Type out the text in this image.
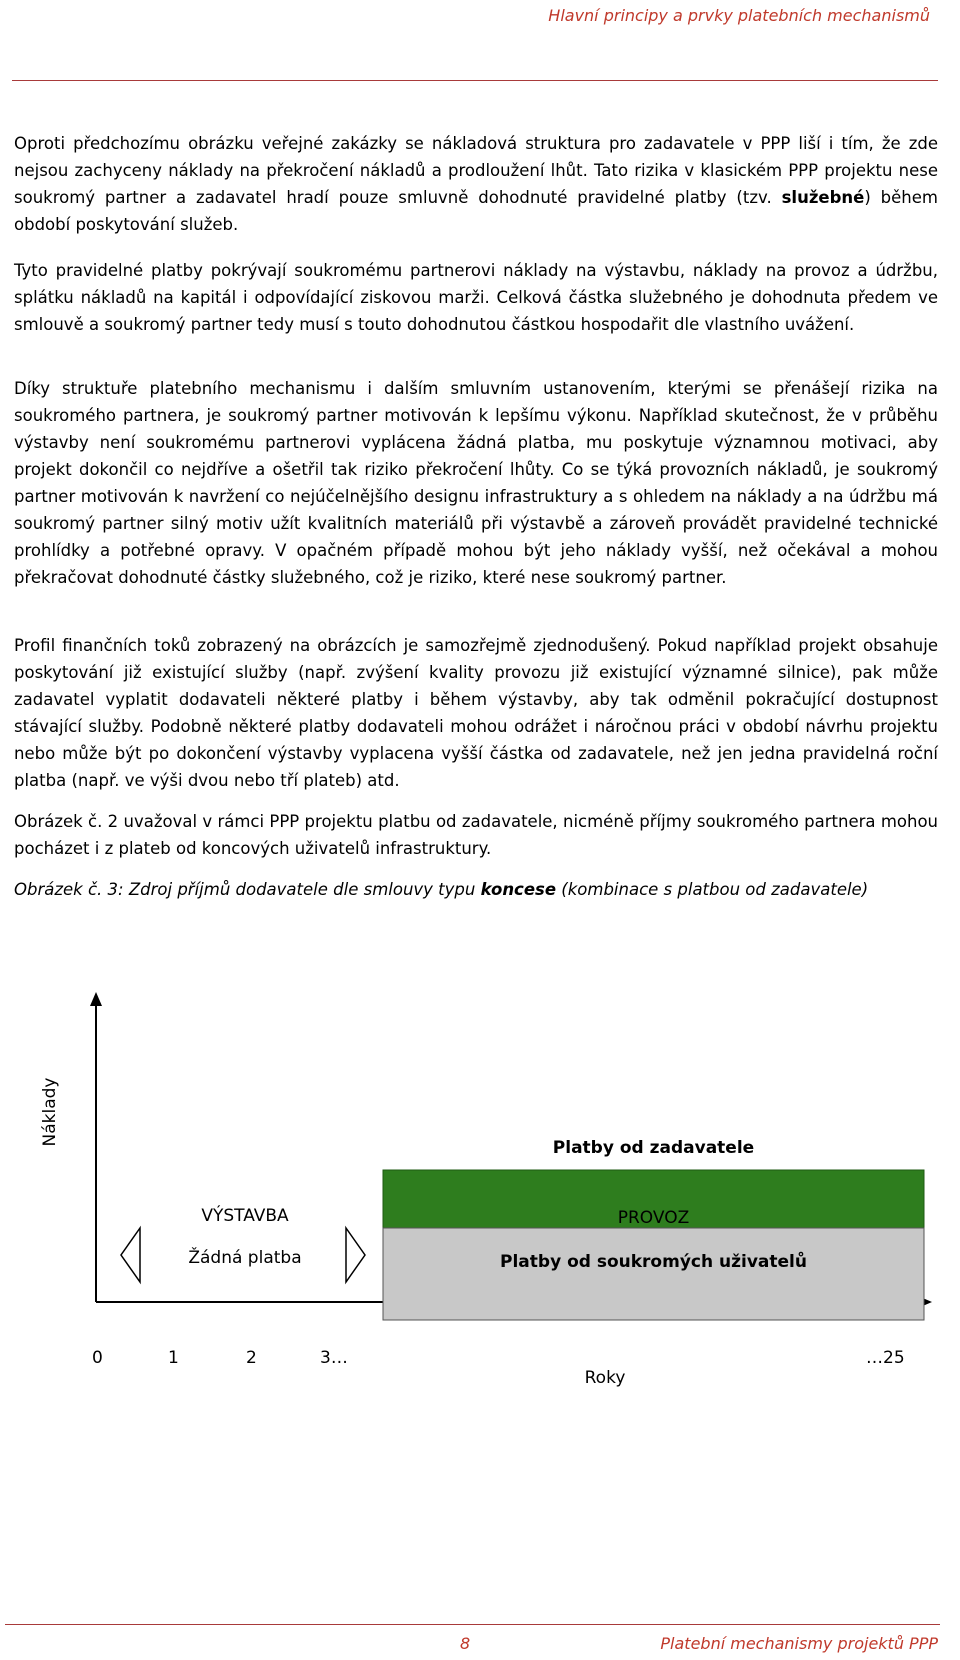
Hlavní principy a prvky platebních mechanismů
Oproti předchozímu obrázku veřejné zakázky se nákladová struktura pro zadavatele v PPP liší i tím, že zde nejsou zachyceny náklady na překročení nákladů a prodloužení lhůt. Tato rizika v klasickém PPP projektu nese soukromý partner a zadavatel hradí pouze smluvně dohodnuté pravidelné platby (tzv. služebné) během období poskytování služeb.
Tyto pravidelné platby pokrývají soukromému partnerovi náklady na výstavbu, náklady na provoz a údržbu, splátku nákladů na kapitál i odpovídající ziskovou marži. Celková částka služebného je dohodnuta předem ve smlouvě a soukromý partner tedy musí s touto dohodnutou částkou hospodařit dle vlastního uvážení.
Díky struktuře platebního mechanismu i dalším smluvním ustanovením, kterými se přenášejí rizika na soukromého partnera, je soukromý partner motivován k lepšímu výkonu. Například skutečnost, že v průběhu výstavby není soukromému partnerovi vyplácena žádná platba, mu poskytuje významnou motivaci, aby projekt dokončil co nejdříve a ošetřil tak riziko překročení lhůty. Co se týká provozních nákladů, je soukromý partner motivován k navržení co nejúčelnějšího designu infrastruktury a s ohledem na náklady a na údržbu má soukromý partner silný motiv užít kvalitních materiálů při výstavbě a zároveň provádět pravidelné technické prohlídky a potřebné opravy. V opačném případě mohou být jeho náklady vyšší, než očekával a mohou překračovat dohodnuté částky služebného, což je riziko, které nese soukromý partner.
Profil finančních toků zobrazený na obrázcích je samozřejmě zjednodušený. Pokud například projekt obsahuje poskytování již existující služby (např. zvýšení kvality provozu již existující významné silnice), pak může zadavatel vyplatit dodavateli některé platby i během výstavby, aby tak odměnil pokračující dostupnost stávající služby. Podobně některé platby dodavateli mohou odrážet i náročnou práci v období návrhu projektu nebo může být po dokončení výstavby vyplacena vyšší částka od zadavatele, než jen jedna pravidelná roční platba (např. ve výši dvou nebo tří plateb) atd.
Obrázek č. 2 uvažoval v rámci PPP projektu platbu od zadavatele, nicméně příjmy soukromého partnera mohou pocházet i z plateb od koncových uživatelů infrastruktury.
Obrázek č. 3: Zdroj příjmů dodavatele dle smlouvy typu koncese (kombinace s platbou od zadavatele)
Náklady
Platby od zadavatele
PROVOZ
Platby od soukromých uživatelů
VÝSTAVBA
Žádná platba
0	1	2	3…	…25
Roky
8	Platební mechanismy projektů PPP
